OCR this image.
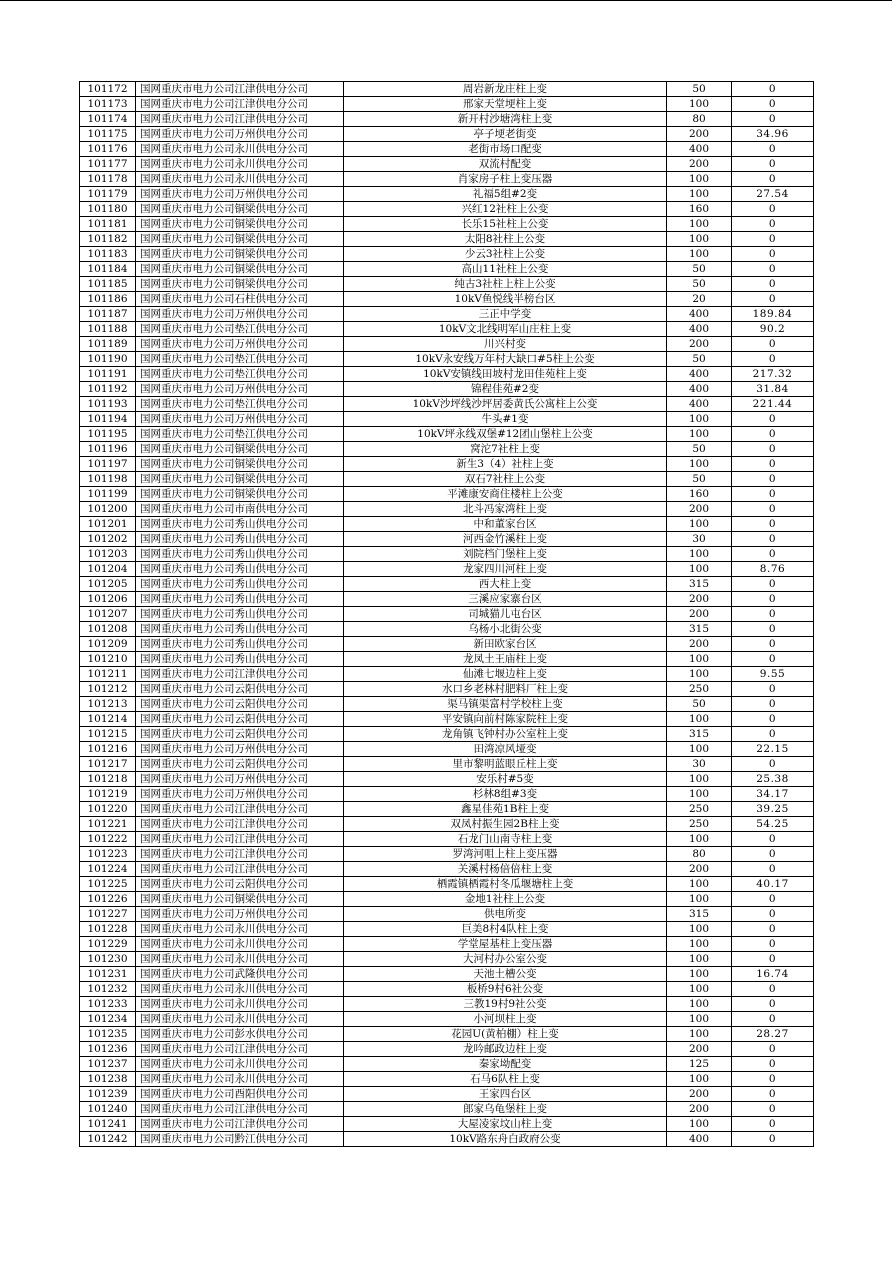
101172	国网重庆市电力公司江津供电分公司	周岩新龙庄柱上变	50	0
101173	国网重庆市电力公司江津供电分公司	邢家天堂埂柱上变	100	0
101174	国网重庆市电力公司江津供电分公司	新开村沙塘湾柱上变	80	0
101175	国网重庆市电力公司万州供电分公司	亭子埂老街变	200	34.96
101176	国网重庆市电力公司永川供电分公司	老街市场口配变	400	0
101177	国网重庆市电力公司永川供电分公司	双流村配变	200	0
101178	国网重庆市电力公司永川供电分公司	肖家房子柱上变压器	100	0
101179	国网重庆市电力公司万州供电分公司	礼福5组#2变	100	27.54
101180	国网重庆市电力公司铜梁供电分公司	兴红12社柱上公变	160	0
101181	国网重庆市电力公司铜梁供电分公司	长乐15社柱上公变	100	0
101182	国网重庆市电力公司铜梁供电分公司	太阳8社柱上公变	100	0
101183	国网重庆市电力公司铜梁供电分公司	少云3社柱上公变	100	0
101184	国网重庆市电力公司铜梁供电分公司	高山11社柱上公变	50	0
101185	国网重庆市电力公司铜梁供电分公司	纯古3社柱上柱上公变	50	0
101186	国网重庆市电力公司石柱供电分公司	10kV鱼悦线半榜台区	20	0
101187	国网重庆市电力公司万州供电分公司	三正中学变	400	189.84
101188	国网重庆市电力公司垫江供电分公司	10kV文北线明军山庄柱上变	400	90.2
101189	国网重庆市电力公司万州供电分公司	川兴村变	200	0
101190	国网重庆市电力公司垫江供电分公司	10kV永安线万年村大缺口#5柱上公变	50	0
101191	国网重庆市电力公司垫江供电分公司	10kV安镇线田坡村龙田佳苑柱上变	400	217.32
101192	国网重庆市电力公司万州供电分公司	锦程佳苑#2变	400	31.84
101193	国网重庆市电力公司垫江供电分公司	10kV沙坪线沙坪居委黄氏公寓柱上公变	400	221.44
101194	国网重庆市电力公司万州供电分公司	牛头#1变	100	0
101195	国网重庆市电力公司垫江供电分公司	10kV坪永线双堡#12团山堡柱上公变	100	0
101196	国网重庆市电力公司铜梁供电分公司	窝沱7社柱上变	50	0
101197	国网重庆市电力公司铜梁供电分公司	新生3（4）社柱上变	100	0
101198	国网重庆市电力公司铜梁供电分公司	双石7社柱上公变	50	0
101199	国网重庆市电力公司铜梁供电分公司	平滩康安商住楼柱上公变	160	0
101200	国网重庆市电力公司市南供电分公司	北斗冯家湾柱上变	200	0
101201	国网重庆市电力公司秀山供电分公司	中和董家台区	100	0
101202	国网重庆市电力公司秀山供电分公司	河西金竹溪柱上变	30	0
101203	国网重庆市电力公司秀山供电分公司	刘院档门堡柱上变	100	0
101204	国网重庆市电力公司秀山供电分公司	龙家四川河柱上变	100	8.76
101205	国网重庆市电力公司秀山供电分公司	西大柱上变	315	0
101206	国网重庆市电力公司秀山供电分公司	三溪应家寨台区	200	0
101207	国网重庆市电力公司秀山供电分公司	司城猫儿屯台区	200	0
101208	国网重庆市电力公司秀山供电分公司	乌杨小北街公变	315	0
101209	国网重庆市电力公司秀山供电分公司	新田欧家台区	200	0
101210	国网重庆市电力公司秀山供电分公司	龙凤土王庙柱上变	100	0
101211	国网重庆市电力公司江津供电分公司	仙滩七堰边柱上变	100	9.55
101212	国网重庆市电力公司云阳供电分公司	水口乡老林村肥料厂柱上变	250	0
101213	国网重庆市电力公司云阳供电分公司	渠马镇渠富村学校柱上变	50	0
101214	国网重庆市电力公司云阳供电分公司	平安镇向前村陈家院柱上变	100	0
101215	国网重庆市电力公司云阳供电分公司	龙角镇飞钟村办公室柱上变	315	0
101216	国网重庆市电力公司万州供电分公司	田湾凉风垭变	100	22.15
101217	国网重庆市电力公司云阳供电分公司	里市黎明蓝眼丘柱上变	30	0
101218	国网重庆市电力公司万州供电分公司	安乐村#5变	100	25.38
101219	国网重庆市电力公司万州供电分公司	杉林8组#3变	100	34.17
101220	国网重庆市电力公司江津供电分公司	鑫星佳苑1B柱上变	250	39.25
101221	国网重庆市电力公司江津供电分公司	双凤村振生园2B柱上变	250	54.25
101222	国网重庆市电力公司江津供电分公司	石龙门山南寺柱上变	100	0
101223	国网重庆市电力公司江津供电分公司	罗湾河咀上柱上变压器	80	0
101224	国网重庆市电力公司江津供电分公司	关溪村杨倍倍柱上变	200	0
101225	国网重庆市电力公司云阳供电分公司	栖霞镇栖霞村冬瓜堰塘柱上变	100	40.17
101226	国网重庆市电力公司铜梁供电分公司	金地1社柱上公变	100	0
101227	国网重庆市电力公司万州供电分公司	供电所变	315	0
101228	国网重庆市电力公司永川供电分公司	巨美8村4队柱上变	100	0
101229	国网重庆市电力公司永川供电分公司	学堂屋基柱上变压器	100	0
101230	国网重庆市电力公司永川供电分公司	大河村办公室公变	100	0
101231	国网重庆市电力公司武隆供电分公司	天池土槽公变	100	16.74
101232	国网重庆市电力公司永川供电分公司	板桥9村6社公变	100	0
101233	国网重庆市电力公司永川供电分公司	三教19村9社公变	100	0
101234	国网重庆市电力公司永川供电分公司	小河坝柱上变	100	0
101235	国网重庆市电力公司彭水供电分公司	花园U(黄柏棚）柱上变	100	28.27
101236	国网重庆市电力公司江津供电分公司	龙吟邮政边柱上变	200	0
101237	国网重庆市电力公司永川供电分公司	秦家坳配变	125	0
101238	国网重庆市电力公司永川供电分公司	石马6队柱上变	100	0
101239	国网重庆市电力公司酉阳供电分公司	王家四台区	200	0
101240	国网重庆市电力公司江津供电分公司	郎家乌龟堡柱上变	200	0
101241	国网重庆市电力公司江津供电分公司	大屋凌家坟山柱上变	100	0
101242	国网重庆市电力公司黔江供电分公司	10kV路东舟白政府公变	400	0
